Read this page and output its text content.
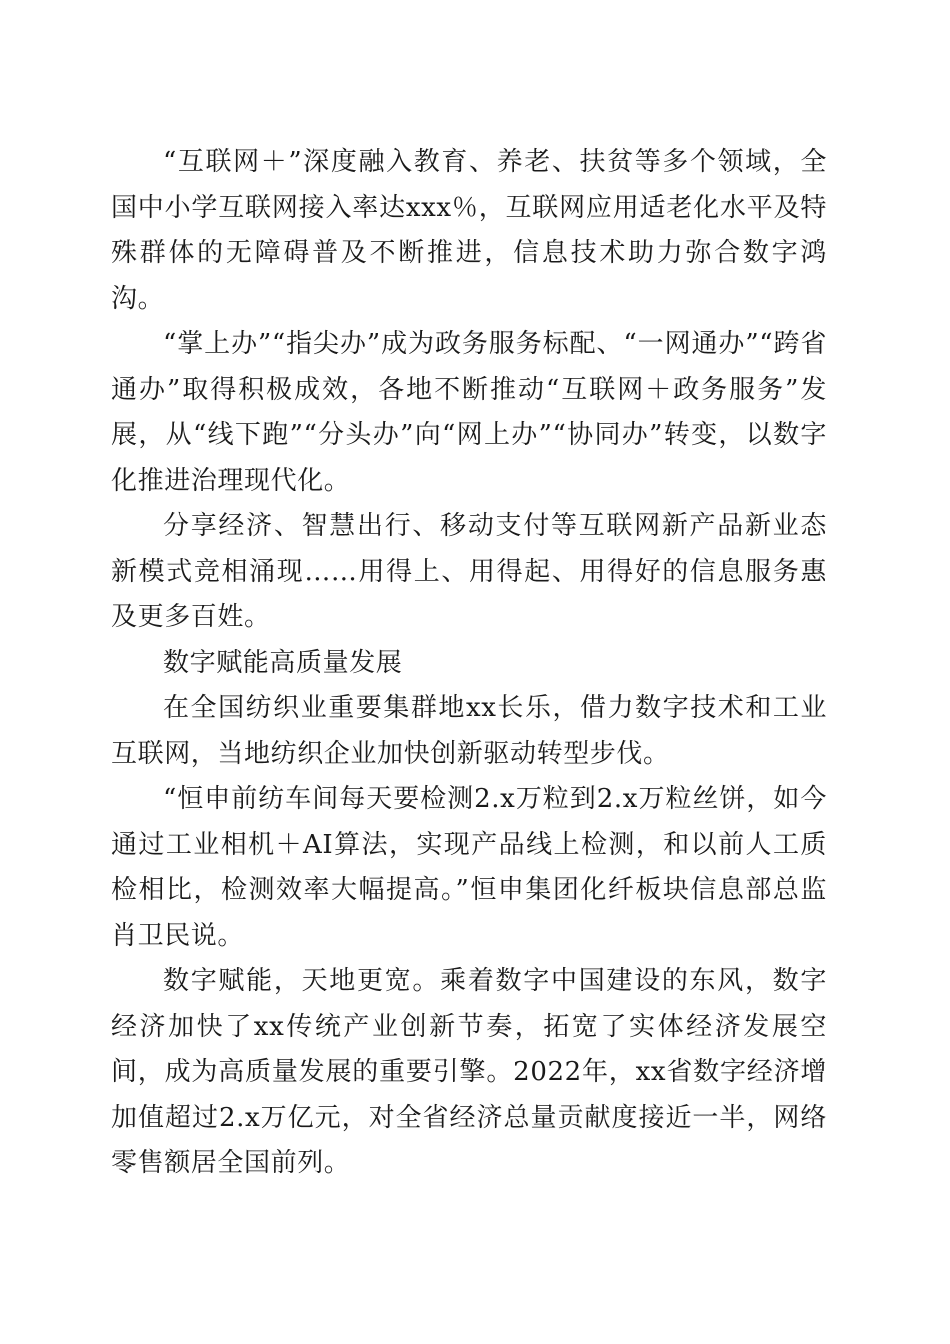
“互联网＋”深度融入教育、养老、扶贫等多个领域，全国中小学互联网接入率达xxx％，互联网应用适老化水平及特殊群体的无障碍普及不断推进，信息技术助力弥合数字鸿沟。

“掌上办”“指尖办”成为政务服务标配、“一网通办”“跨省通办”取得积极成效，各地不断推动“互联网＋政务服务”发展，从“线下跑”“分头办”向“网上办”“协同办”转变，以数字化推进治理现代化。

分享经济、智慧出行、移动支付等互联网新产品新业态新模式竞相涌现……用得上、用得起、用得好的信息服务惠及更多百姓。

数字赋能高质量发展

在全国纺织业重要集群地xx长乐，借力数字技术和工业互联网，当地纺织企业加快创新驱动转型步伐。

“恒申前纺车间每天要检测2.x万粒到2.x万粒丝饼，如今通过工业相机＋AI算法，实现产品线上检测，和以前人工质检相比，检测效率大幅提高。”恒申集团化纤板块信息部总监肖卫民说。

数字赋能，天地更宽。乘着数字中国建设的东风，数字经济加快了xx传统产业创新节奏，拓宽了实体经济发展空间，成为高质量发展的重要引擎。2022年，xx省数字经济增加值超过2.x万亿元，对全省经济总量贡献度接近一半，网络零售额居全国前列。
